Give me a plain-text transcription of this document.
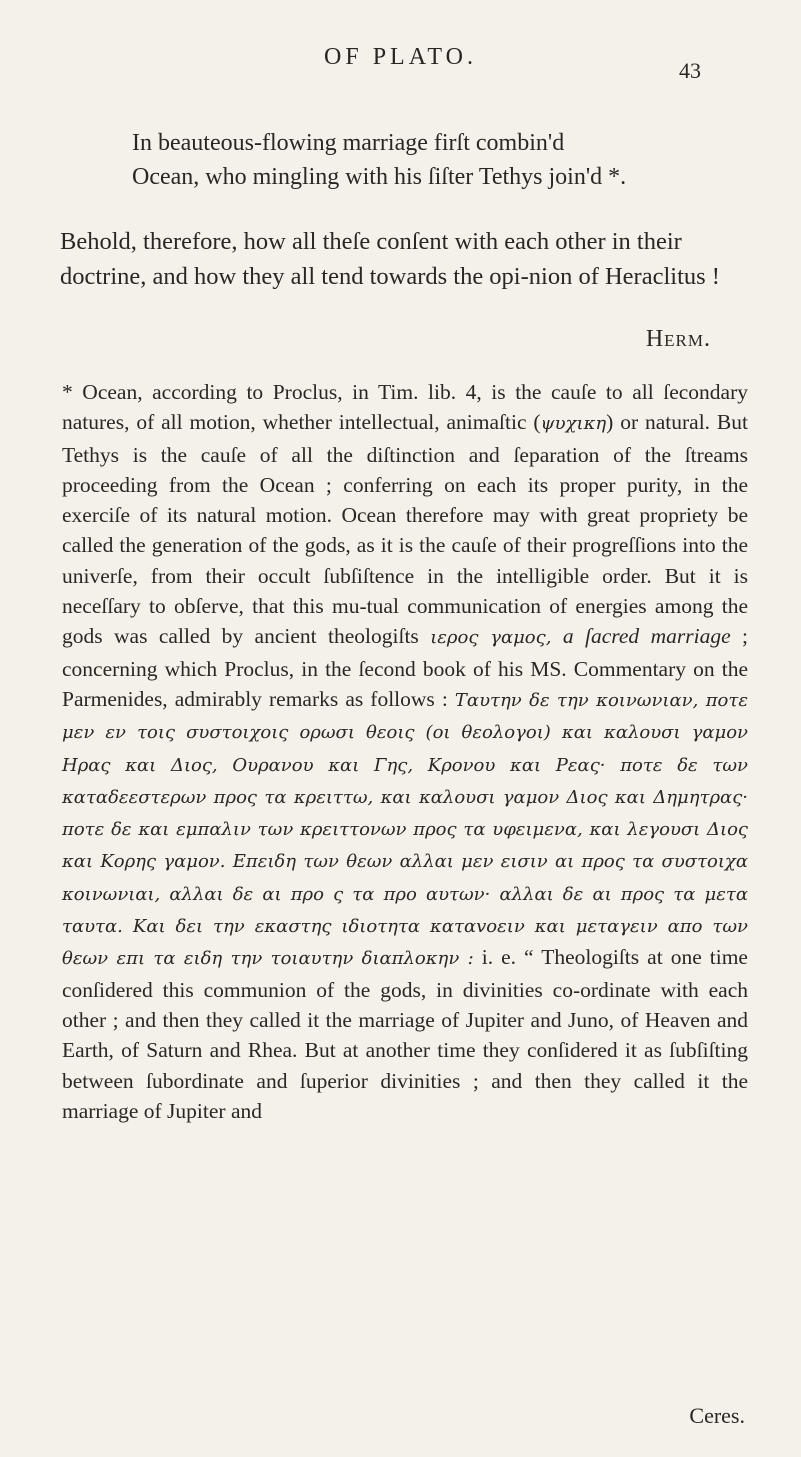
OF PLATO.
43
In beauteous-flowing marriage firſt combin'd

Ocean, who mingling with his ſiſter Tethys join'd *.
Behold, therefore, how all theſe conſent with each other in their doctrine, and how they all tend towards the opi-nion of Heraclitus !
Herm.
* Ocean, according to Proclus, in Tim. lib. 4, is the cauſe to all ſecondary natures, of all motion, whether intellectual, animaſtic (ψυχικη) or natural. But Tethys is the cauſe of all the diſtinction and ſeparation of the ſtreams proceeding from the Ocean ; conferring on each its proper purity, in the exerciſe of its natural motion. Ocean therefore may with great propriety be called the generation of the gods, as it is the cauſe of their progreſſions into the univerſe, from their occult ſubſiſtence in the intelligible order. But it is neceſſary to obſerve, that this mu-tual communication of energies among the gods was called by ancient theologiſts ιερος γαμος, a ſacred marriage ; concerning which Proclus, in the ſecond book of his MS. Commentary on the Parmenides, admirably remarks as follows : Ταυτην δε την κοινωνιαν, ποτε μεν εν τοις συστοιχοις ορωσι θεοις (οι θεολογοι) και καλουσι γαμον Ηρας και Διος, Ουρανου και Γης, Κρονου και Ρεας· ποτε δε των καταδεεστερων προς τα κρειττω, και καλουσι γαμον Διος και Δημητρας· ποτε δε και εμπαλιν των κρειττονων προς τα υφειμενα, και λεγουσι Διος και Κορης γαμον. Επειδη των θεων αλλαι μεν εισιν αι προς τα συστοιχα κοινωνιαι, αλλαι δε αι προ ς τα προ αυτων· αλλαι δε αι προς τα μετα ταυτα. Και δει την εκαστης ιδιοτητα καταvoειν και μεταγειν απο των θεων επι τα ειδη την τοιαυτην διαπλοκην : i. e. “ Theologiſts at one time conſidered this communion of the gods, in divinities co-ordinate with each other ; and then they called it the marriage of Jupiter and Juno, of Heaven and Earth, of Saturn and Rhea. But at another time they conſidered it as ſubſiſting between ſubordinate and ſuperior divinities ; and then they called it the marriage of Jupiter and
Ceres.
